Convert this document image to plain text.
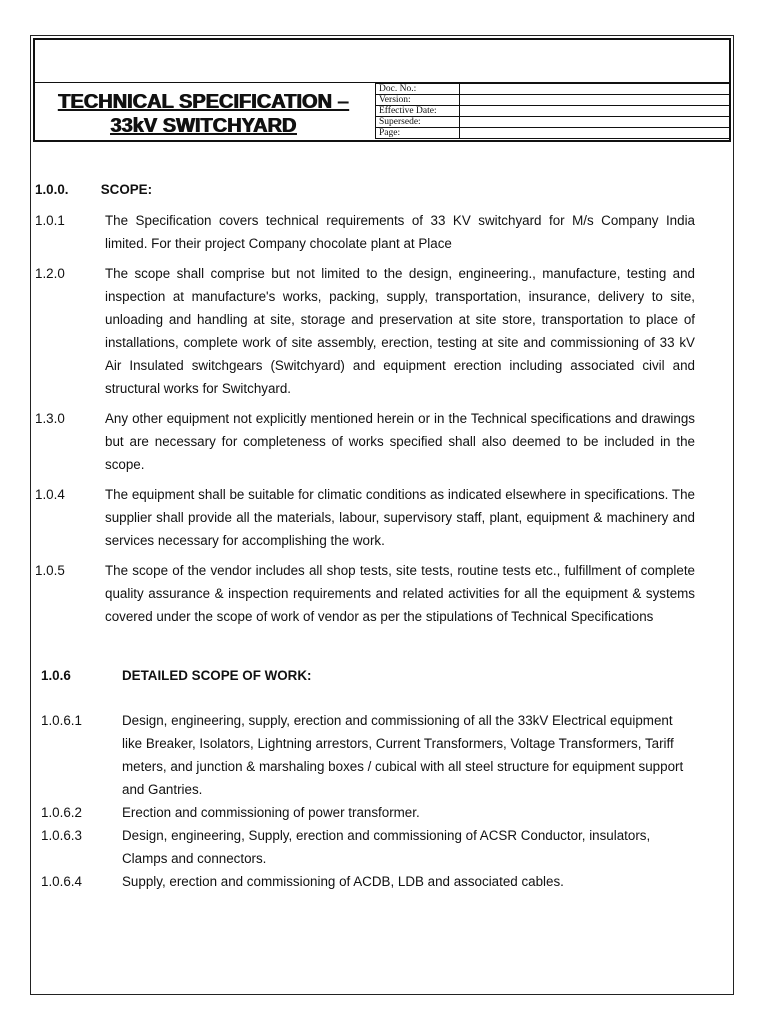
TECHNICAL SPECIFICATION –
33kV SWITCHYARD
Doc. No.:	
Version:	
Effective Date:	
Supersede:	
Page:	
1.0.0. SCOPE:
1.0.1	The Specification covers technical requirements of 33 KV switchyard for M/s Company India limited. For their project Company chocolate plant at Place
1.2.0	The scope shall comprise but not limited to the design, engineering., manufacture, testing and inspection at manufacture's works, packing, supply, transportation, insurance, delivery to site, unloading and handling at site, storage and preservation at site store, transportation to place of installations, complete work of site assembly, erection, testing at site and commissioning of 33 kV Air Insulated switchgears (Switchyard) and equipment erection including associated civil and structural works for Switchyard.
1.3.0	Any other equipment not explicitly mentioned herein or in the Technical specifications and drawings but are necessary for completeness of works specified shall also deemed to be included in the scope.
1.0.4	The equipment shall be suitable for climatic conditions as indicated elsewhere in specifications. The supplier shall provide all the materials, labour, supervisory staff, plant, equipment & machinery and services necessary for accomplishing the work.
1.0.5	The scope of the vendor includes all shop tests, site tests, routine tests etc., fulfillment of complete quality assurance & inspection requirements and related activities for all the equipment & systems covered under the scope of work of vendor as per the stipulations of Technical Specifications
1.0.6	DETAILED SCOPE OF WORK:
1.0.6.1	Design, engineering, supply, erection and commissioning of all the 33kV Electrical equipment like Breaker, Isolators, Lightning arrestors, Current Transformers, Voltage Transformers, Tariff meters, and junction & marshaling boxes / cubical with all steel structure for equipment support and Gantries.
1.0.6.2	Erection and commissioning of power transformer.
1.0.6.3	Design, engineering, Supply, erection and commissioning of ACSR Conductor, insulators, Clamps and connectors.
1.0.6.4	Supply, erection and commissioning of ACDB, LDB and associated cables.
